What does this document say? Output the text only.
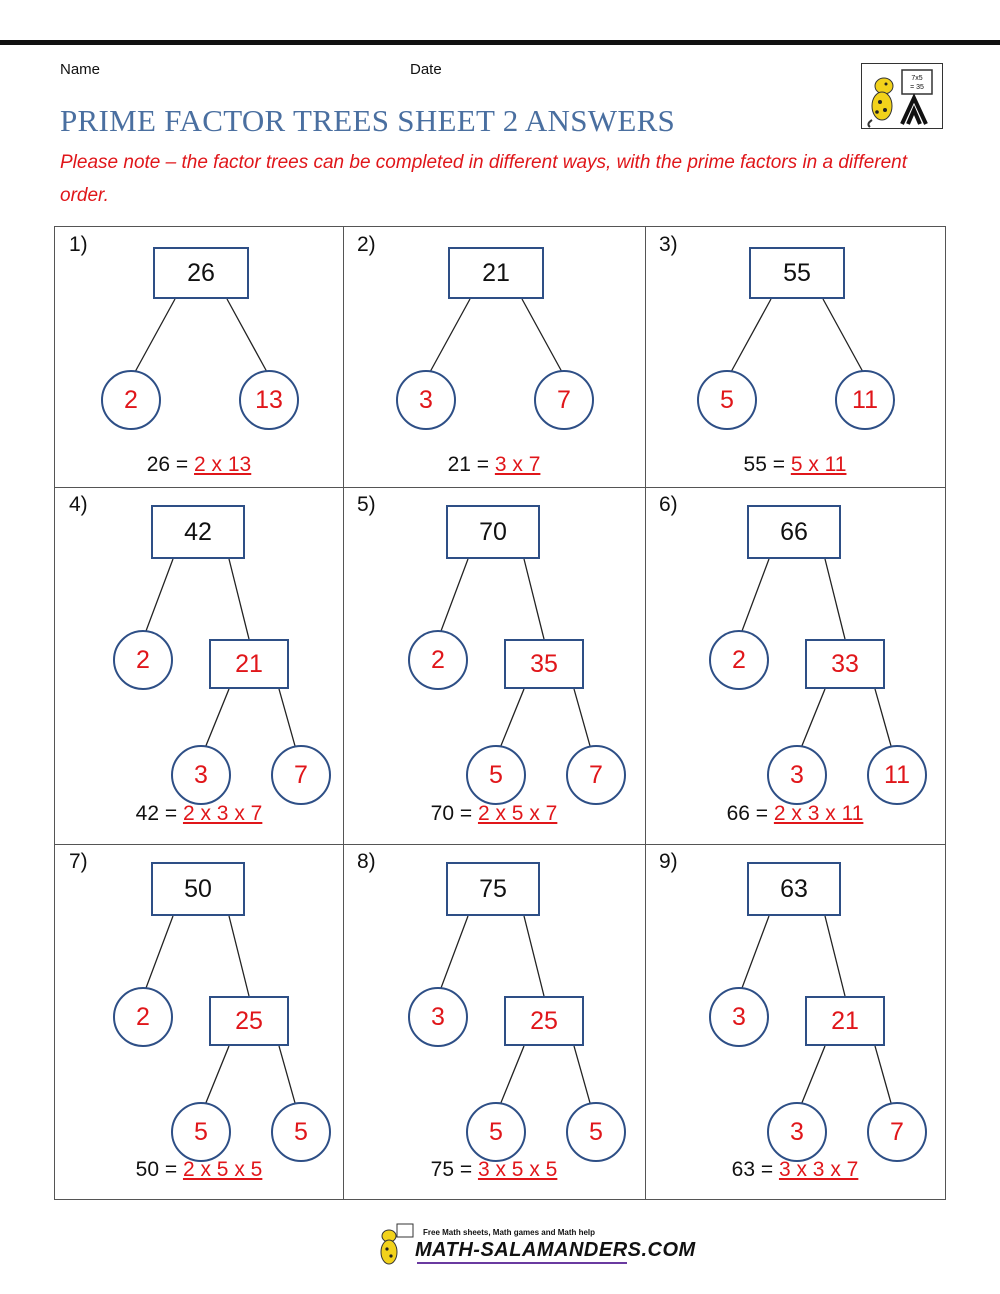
Name	Date
PRIME FACTOR TREES SHEET 2 ANSWERS
Please note – the factor trees can be completed in different ways, with the prime factors in a different order.
7x5
= 35
1)
26
2	13
26 = 2 x 13
2)
21
3	7
21 = 3 x 7
3)
55
5	11
55 = 5 x 11
4)
42
2	21
3	7
42 = 2 x 3 x 7
5)
70
2	35
5	7
70 = 2 x 5 x 7
6)
66
2	33
3	11
66 = 2 x 3 x 11
7)
50
2	25
5	5
50 = 2 x 5 x 5
8)
75
3	25
5	5
75 = 3 x 5 x 5
9)
63
3	21
3	7
63 = 3 x 3 x 7
Free Math sheets, Math games and Math help
MATH-SALAMANDERS.COM
